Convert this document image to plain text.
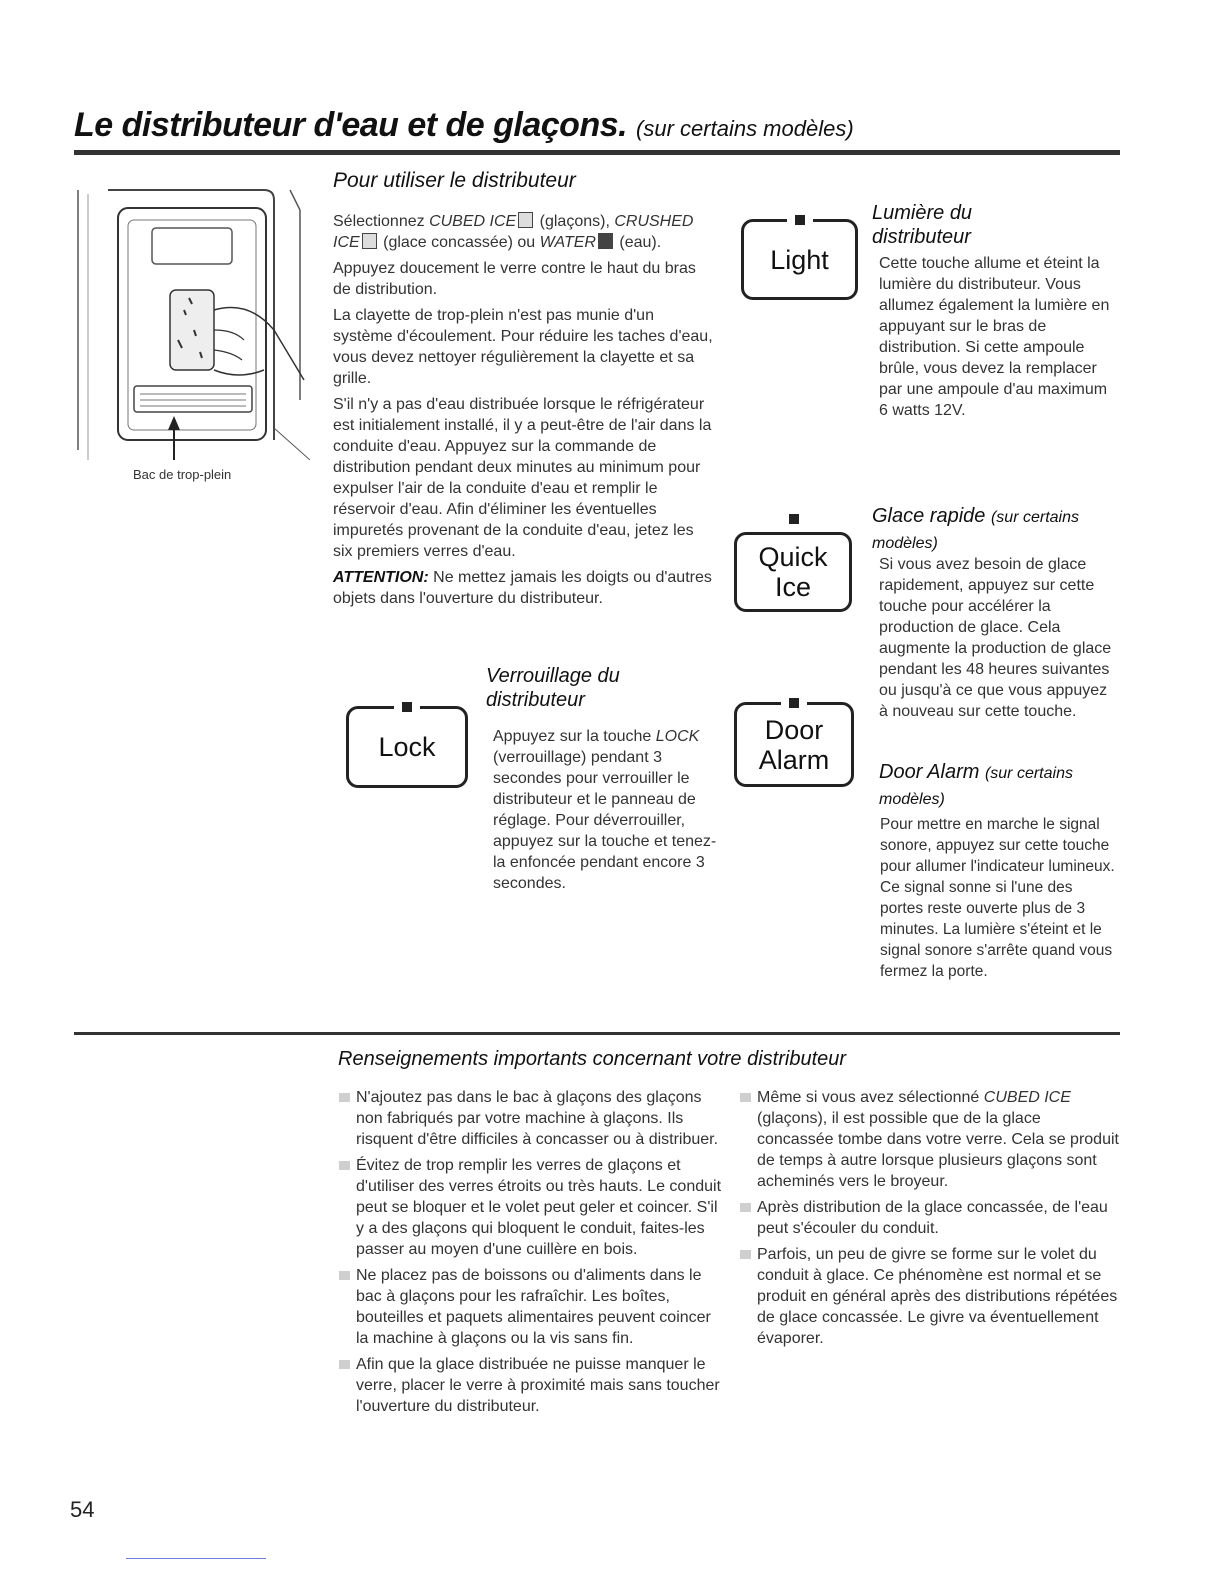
Le distributeur d'eau et de glaçons. (sur certains modèles)
Bac de trop-plein
Pour utiliser le distributeur

Sélectionnez CUBED ICE (glaçons), CRUSHED ICE (glace concassée) ou WATER (eau).

Appuyez doucement le verre contre le haut du bras de distribution.

La clayette de trop-plein n'est pas munie d'un système d'écoulement. Pour réduire les taches d'eau, vous devez nettoyer régulièrement la clayette et sa grille.

S'il n'y a pas d'eau distribuée lorsque le réfrigérateur est initialement installé, il y a peut-être de l'air dans la conduite d'eau. Appuyez sur la commande de distribution pendant deux minutes au minimum pour expulser l'air de la conduite d'eau et remplir le réservoir d'eau. Afin d'éliminer les éventuelles impuretés provenant de la conduite d'eau, jetez les six premiers verres d'eau.

ATTENTION: Ne mettez jamais les doigts ou d'autres objets dans l'ouverture du distributeur.

Verrouillage du distributeur
Lock	Appuyez sur la touche LOCK (verrouillage) pendant 3 secondes pour verrouiller le distributeur et le panneau de réglage. Pour déverrouiller, appuyez sur la touche et tenez-la enfoncée pendant encore 3 secondes.
Lumière du distributeur
Light	Cette touche allume et éteint la lumière du distributeur. Vous allumez également la lumière en appuyant sur le bras de distribution. Si cette ampoule brûle, vous devez la remplacer par une ampoule d'au maximum 6 watts 12V.
Glace rapide (sur certains modèles)
Quick
Ice
Si vous avez besoin de glace rapidement, appuyez sur cette touche pour accélérer la production de glace. Cela augmente la production de glace pendant les 48 heures suivantes ou jusqu'à ce que vous appuyez à nouveau sur cette touche.
Door
Alarm Door Alarm (sur certains modèles)
Pour mettre en marche le signal sonore, appuyez sur cette touche pour allumer l'indicateur lumineux. Ce signal sonne si l'une des portes reste ouverte plus de 3 minutes. La lumière s'éteint et le signal sonore s'arrête quand vous fermez la porte.
Renseignements importants concernant votre distributeur
N'ajoutez pas dans le bac à glaçons des glaçons non fabriqués par votre machine à glaçons. Ils risquent d'être difficiles à concasser ou à distribuer.
Évitez de trop remplir les verres de glaçons et d'utiliser des verres étroits ou très hauts. Le conduit peut se bloquer et le volet peut geler et coincer. S'il y a des glaçons qui bloquent le conduit, faites-les passer au moyen d'une cuillère en bois.
Ne placez pas de boissons ou d'aliments dans le bac à glaçons pour les rafraîchir. Les boîtes, bouteilles et paquets alimentaires peuvent coincer la machine à glaçons ou la vis sans fin.
Afin que la glace distribuée ne puisse manquer le verre, placer le verre à proximité mais sans toucher l'ouverture du distributeur.
Même si vous avez sélectionné CUBED ICE (glaçons), il est possible que de la glace concassée tombe dans votre verre. Cela se produit de temps à autre lorsque plusieurs glaçons sont acheminés vers le broyeur.
Après distribution de la glace concassée, de l'eau peut s'écouler du conduit.
Parfois, un peu de givre se forme sur le volet du conduit à glace. Ce phénomène est normal et se produit en général après des distributions répétées de glace concassée. Le givre va éventuellement évaporer.
54
